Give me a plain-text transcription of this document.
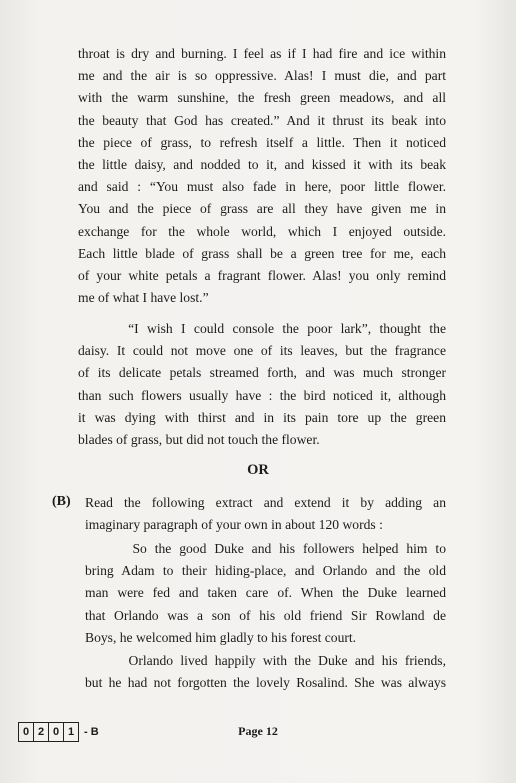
throat is dry and burning. I feel as if I had fire and ice within
me and the air is so oppressive. Alas! I must die, and part
with the warm sunshine, the fresh green meadows, and all
the beauty that God has created.” And it thrust its beak into
the piece of grass, to refresh itself a little. Then it noticed
the little daisy, and nodded to it, and kissed it with its beak
and said : “You must also fade in here, poor little flower.
You and the piece of grass are all they have given me in
exchange for the whole world, which I enjoyed outside.
Each little blade of grass shall be a green tree for me, each
of your white petals a fragrant flower. Alas! you only remind
me of what I have lost.”
“I wish I could console the poor lark”, thought the
daisy. It could not move one of its leaves, but the fragrance
of its delicate petals streamed forth, and was much stronger
than such flowers usually have : the bird noticed it, although
it was dying with thirst and in its pain tore up the green
blades of grass, but did not touch the flower.
OR
(B) Read the following extract and extend it by adding an
imaginary paragraph of your own in about 120 words :
So the good Duke and his followers helped him to
bring Adam to their hiding-place, and Orlando and the old
man were fed and taken care of. When the Duke learned
that Orlando was a son of his old friend Sir Rowland de
Boys, he welcomed him gladly to his forest court.
Orlando lived happily with the Duke and his friends,
but he had not forgotten the lovely Rosalind. She was always
0 2 0 1 - B	Page 12
